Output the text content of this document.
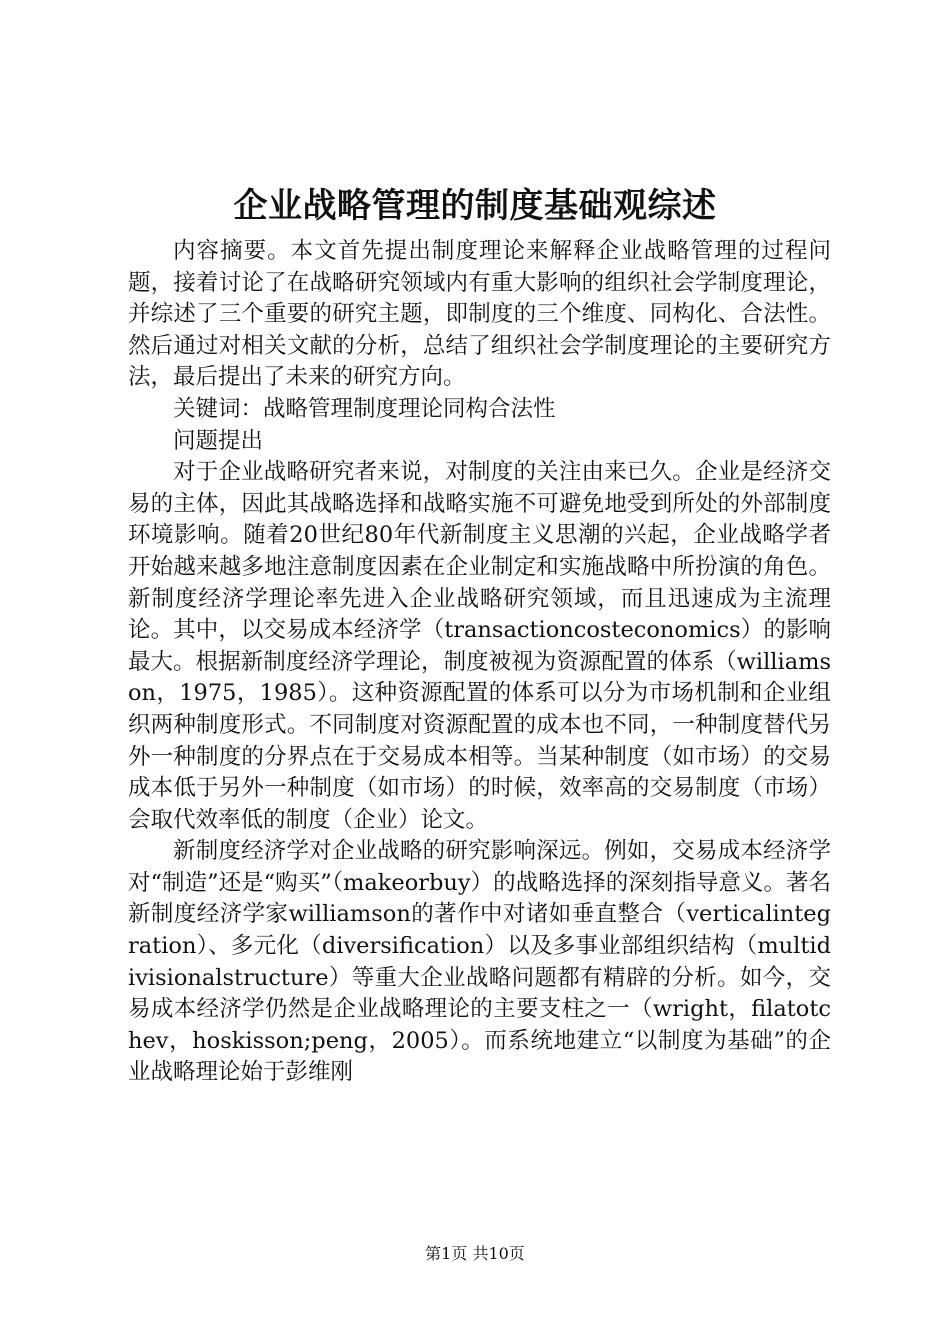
企业战略管理的制度基础观综述

内容摘要。本文首先提出制度理论来解释企业战略管理的过程问题，接着讨论了在战略研究领域内有重大影响的组织社会学制度理论，并综述了三个重要的研究主题，即制度的三个维度、同构化、合法性。然后通过对相关文献的分析，总结了组织社会学制度理论的主要研究方法，最后提出了未来的研究方向。

关键词：战略管理制度理论同构合法性

问题提出

对于企业战略研究者来说，对制度的关注由来已久。企业是经济交易的主体，因此其战略选择和战略实施不可避免地受到所处的外部制度环境影响。随着20世纪80年代新制度主义思潮的兴起，企业战略学者开始越来越多地注意制度因素在企业制定和实施战略中所扮演的角色。新制度经济学理论率先进入企业战略研究领域，而且迅速成为主流理论。其中，以交易成本经济学（transactioncosteconomics）的影响最大。根据新制度经济学理论，制度被视为资源配置的体系（williamson，1975，1985）。这种资源配置的体系可以分为市场机制和企业组织两种制度形式。不同制度对资源配置的成本也不同，一种制度替代另外一种制度的分界点在于交易成本相等。当某种制度（如市场）的交易成本低于另外一种制度（如市场）的时候，效率高的交易制度（市场）会取代效率低的制度（企业）论文。

新制度经济学对企业战略的研究影响深远。例如，交易成本经济学对“制造”还是“购买”（makeorbuy）的战略选择的深刻指导意义。著名新制度经济学家williamson的著作中对诸如垂直整合（verticalintegration）、多元化（diversification）以及多事业部组织结构（multidivisionalstructure）等重大企业战略问题都有精辟的分析。如今，交易成本经济学仍然是企业战略理论的主要支柱之一（wright，filatotchev，hoskisson;peng，2005）。而系统地建立“以制度为基础”的企业战略理论始于彭维刚

第1页 共10页
